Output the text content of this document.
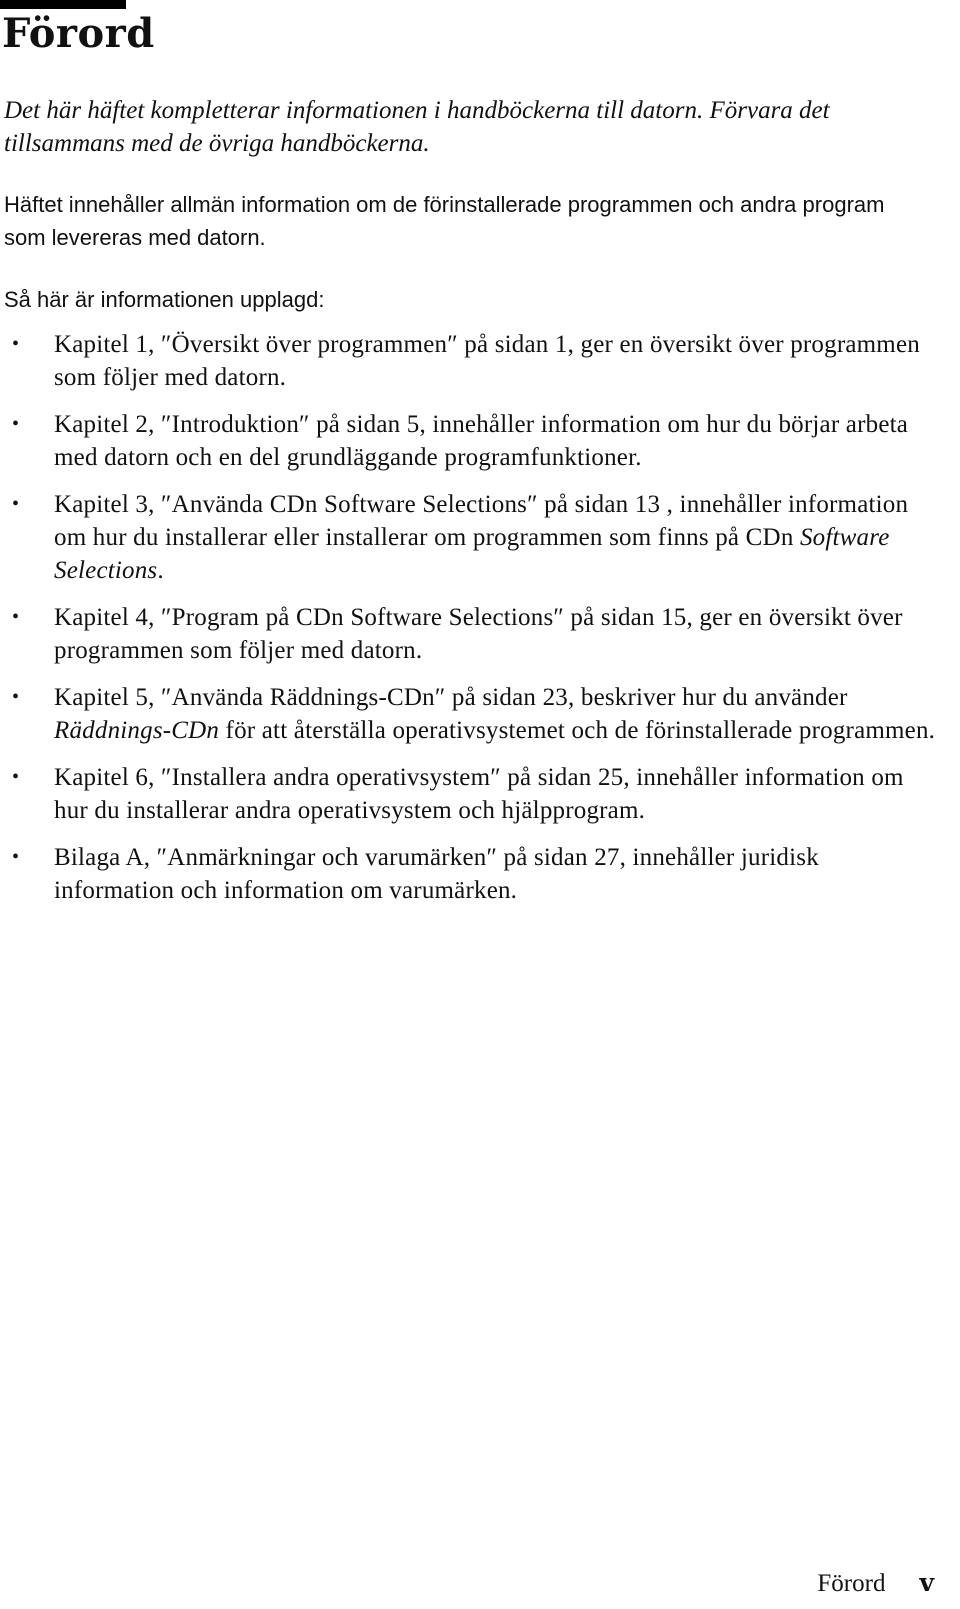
Förord

Det här häftet kompletterar informationen i handböckerna till datorn. Förvara det tillsammans med de övriga handböckerna.

Häftet innehåller allmän information om de förinstallerade programmen och andra program som levereras med datorn.

Så här är informationen upplagd:

• Kapitel 1, ″Översikt över programmen″ på sidan 1, ger en översikt över programmen som följer med datorn.
• Kapitel 2, ″Introduktion″ på sidan 5, innehåller information om hur du börjar arbeta med datorn och en del grundläggande programfunktioner.
• Kapitel 3, ″Använda CDn Software Selections″ på sidan 13 , innehåller information om hur du installerar eller installerar om programmen som finns på CDn Software Selections.
• Kapitel 4, ″Program på CDn Software Selections″ på sidan 15, ger en översikt över programmen som följer med datorn.
• Kapitel 5, ″Använda Räddnings-CDn″ på sidan 23, beskriver hur du använder Räddnings-CDn för att återställa operativsystemet och de förinstallerade programmen.
• Kapitel 6, ″Installera andra operativsystem″ på sidan 25, innehåller information om hur du installerar andra operativsystem och hjälpprogram.
• Bilaga A, ″Anmärkningar och varumärken″ på sidan 27, innehåller juridisk information och information om varumärken.
Förord v
